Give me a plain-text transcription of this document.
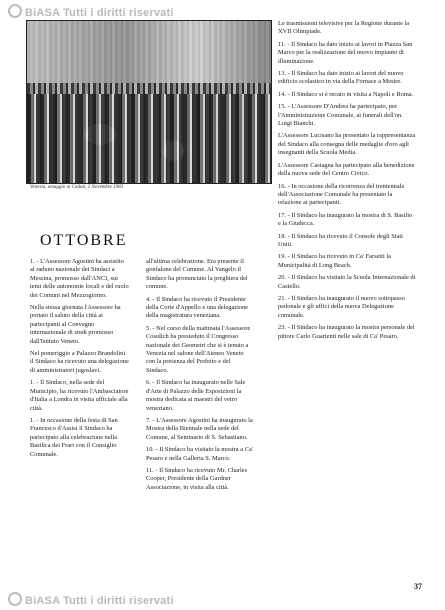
BiASA Tutti i diritti riservati
Venezia, omaggio ai Caduti, 2 Novembre 1983
OTTOBRE

1. - L'Assessore Agostini ha assistito al raduno nazionale dei Sindaci a Messina, promosso dall'ANCI, sui temi delle autonomie locali e del ruolo dei Comuni nel Mezzogiorno.

Nella stessa giornata l'Assessore ha portato il saluto della città ai partecipanti al Convegno internazionale di studi promosso dall'Istituto Veneto.

Nel pomeriggio a Palazzo Brandolini il Sindaco ha ricevuto una delegazione di amministratori jugoslavi.

1. - Il Sindaco, nella sede del Municipio, ha ricevuto l'Ambasciatore d'Italia a Londra in visita ufficiale alla città.

1. - In occasione della festa di San Francesco d'Assisi il Sindaco ha partecipato alla celebrazione nella Basilica dei Frari con il Consiglio Comunale.

all'ultima celebrazione. Era presente il gonfalone del Comune. Al Vangelo il Sindaco ha pronunciato la preghiera del comune.

4. - Il Sindaco ha ricevuto il Presidente della Corte d'Appello e una delegazione della magistratura veneziana.

5. - Nel corso della mattinata l'Assessore Cosulich ha presieduto il Congresso nazionale dei Geometri che si è tenuto a Venezia nel salone dell'Ateneo Veneto con la presenza del Prefetto e del Sindaco.

6. - Il Sindaco ha inaugurato nelle Sale d'Arte di Palazzo delle Esposizioni la mostra dedicata ai maestri del vetro veneziano.

7. - L'Assessore Agostini ha inaugurato la Mostra della Biennale nella sede del Comune, al Seminario di S. Sebastiano.

10. - Il Sindaco ha visitato la mostra a Ca' Pesaro e nella Galleria S. Marco.

11. - Il Sindaco ha ricevuto Mr. Charles Cooper, Presidente della Gardner Associazione, in visita alla città.

Le trasmissioni televisive per la Regione durante la XVII Olimpiade.

11. - Il Sindaco ha dato inizio ai lavori in Piazza San Marco per la realizzazione del nuovo impianto di illuminazione.

13. - Il Sindaco ha dato inizio ai lavori del nuovo edificio scolastico in via della Fornace a Mestre.

14. - Il Sindaco si è recato in visita a Napoli e Roma.

15. - L'Assessore D'Andrea ha partecipato, per l'Amministrazione Comunale, ai funerali dell'on. Luigi Bianchi.

L'Assessore Lucisano ha presentato la rappresentanza del Sindaco alla consegna delle medaglie d'oro agli insegnanti della Scuola Media.

L'Assessore Castagna ha partecipato alla benedizione della nuova sede del Centro Civico.

16. - In occasione della ricorrenza del trentennale dell'Associazione Comunale ha presentato la relazione ai partecipanti.

17. - Il Sindaco ha inaugurato la mostra di S. Basilio e la Giudecca.

18. - Il Sindaco ha ricevuto il Console degli Stati Uniti.

19. - Il Sindaco ha ricevuto in Ca' Farsetti la Municipalità di Long Beach.

20. - Il Sindaco ha visitato la Scuola Internazionale di Castello.

21. - Il Sindaco ha inaugurato il nuovo sottopasso pedonale e gli uffici della nuova Delegazione comunale.

23. - Il Sindaco ha inaugurato la mostra personale del pittore Carlo Guarienti nelle sale di Ca' Pesaro.

37
BiASA Tutti i diritti riservati
